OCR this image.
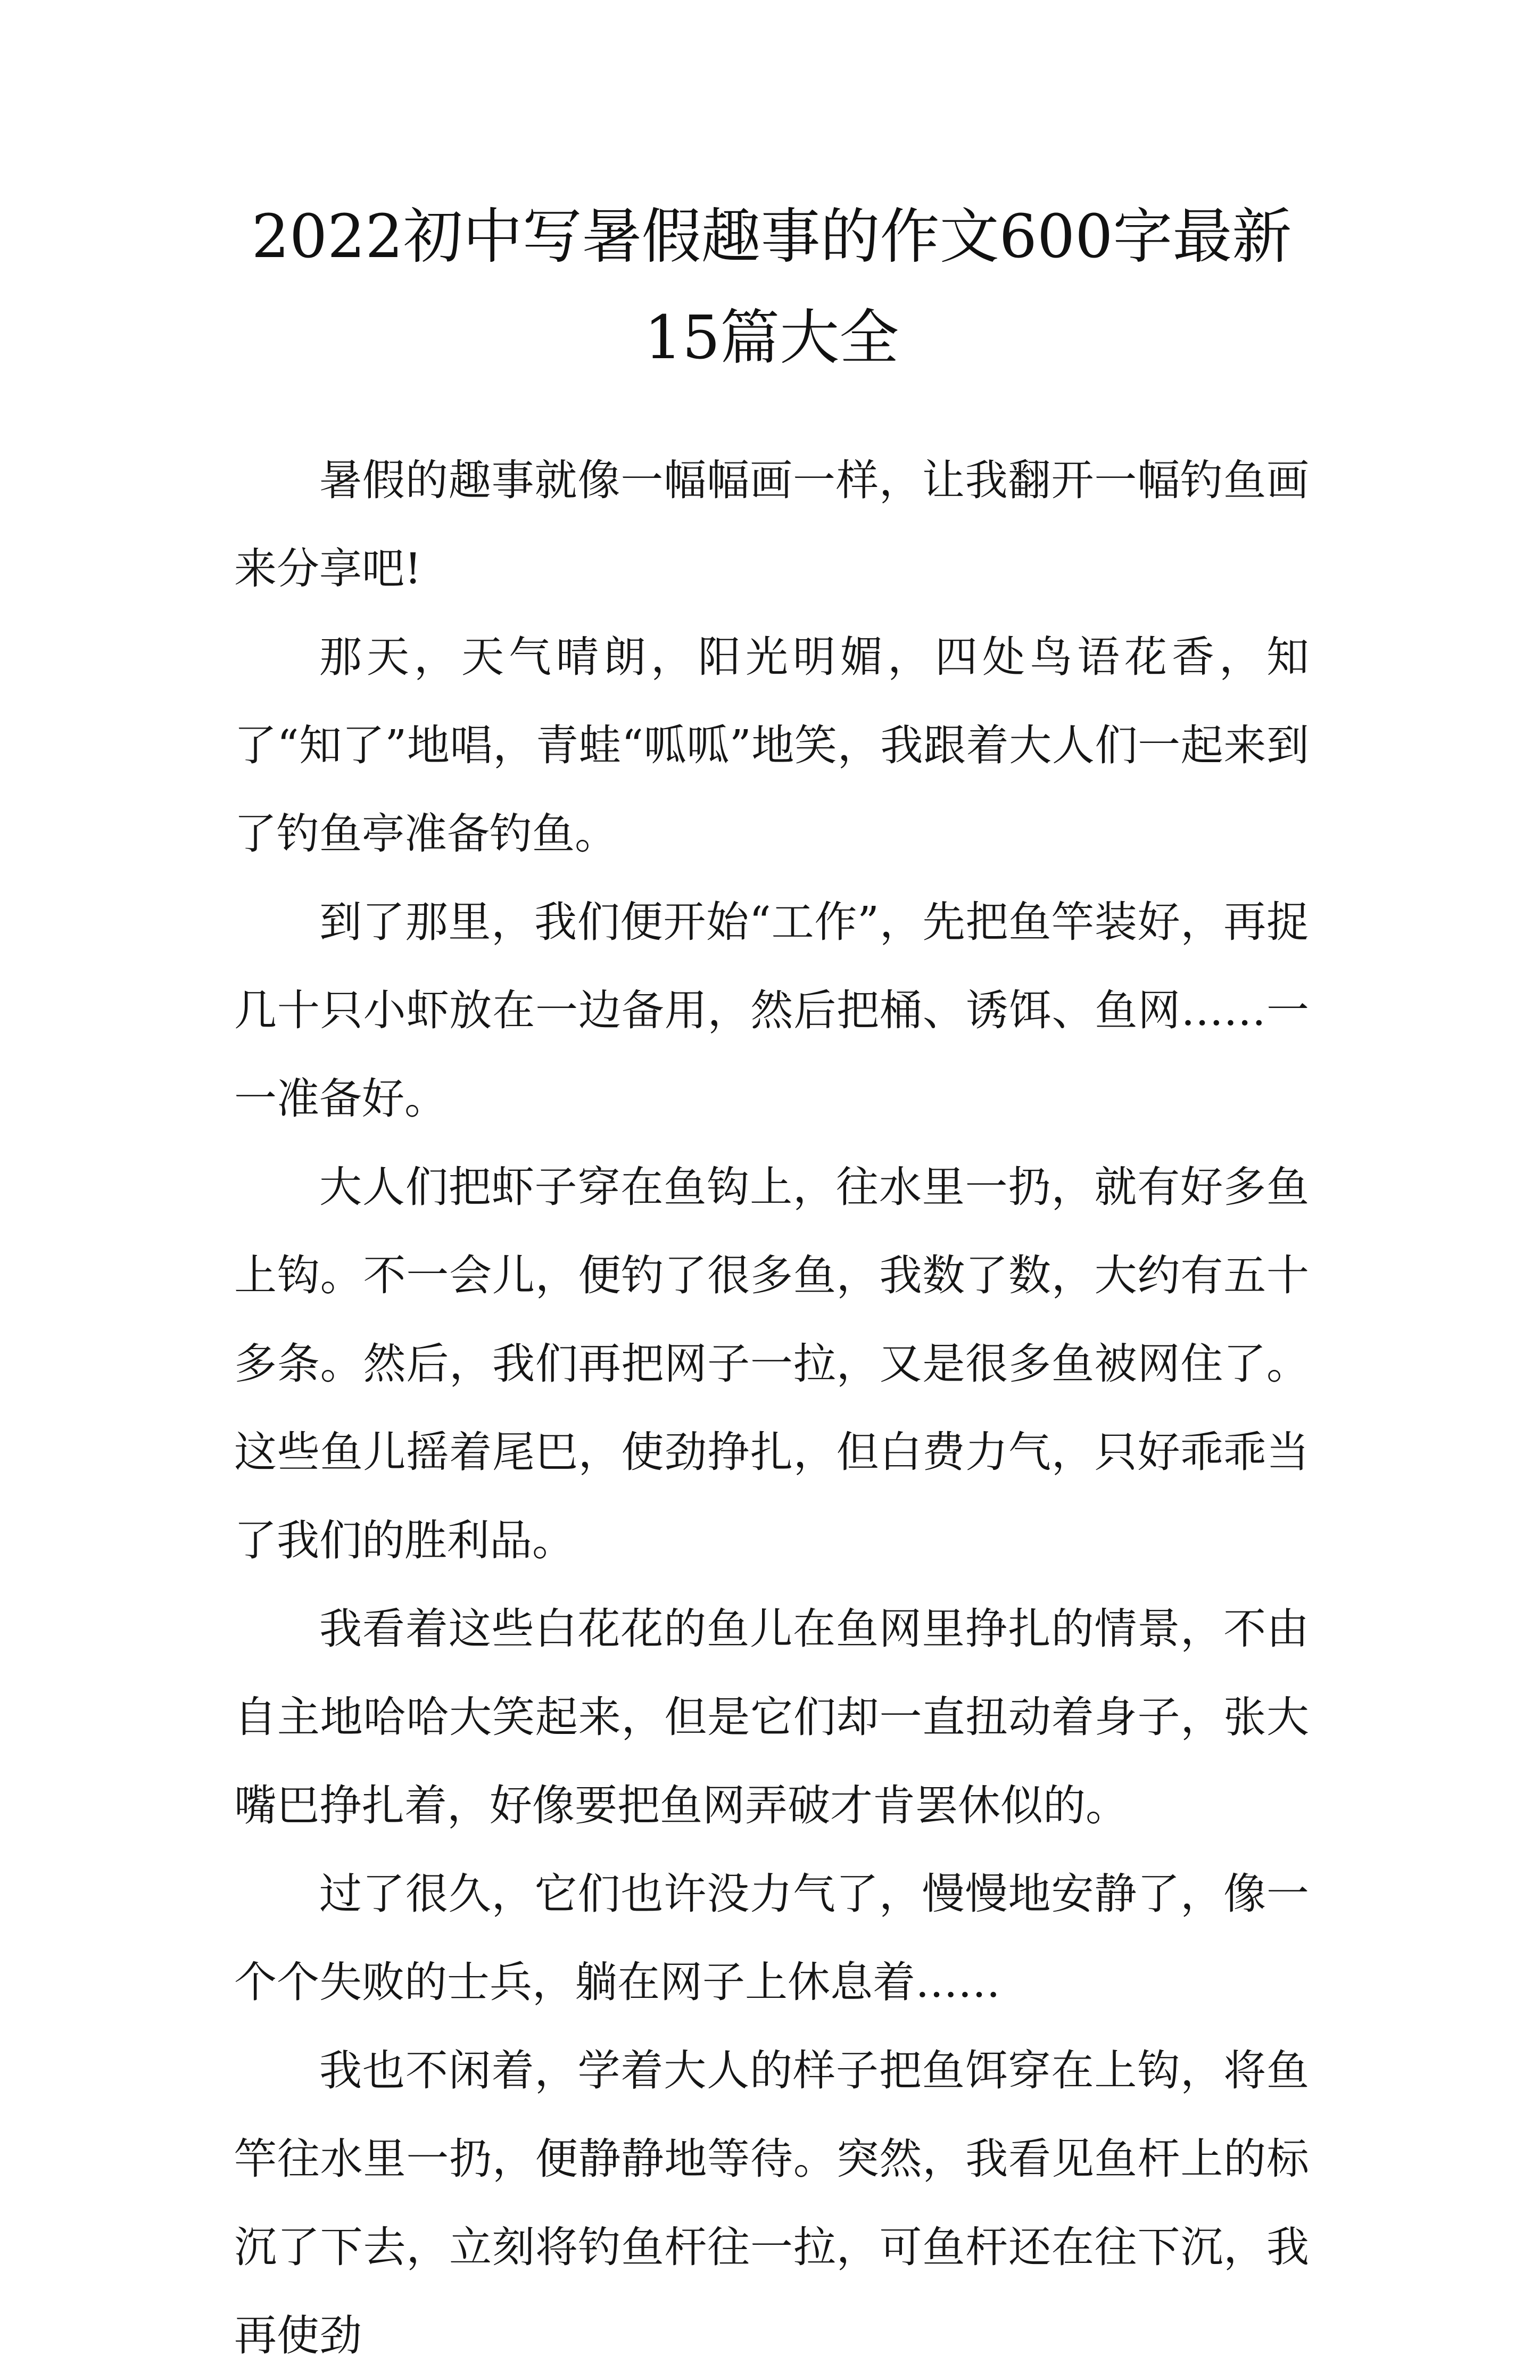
2022初中写暑假趣事的作文600字最新15篇大全

暑假的趣事就像一幅幅画一样，让我翻开一幅钓鱼画来分享吧!

那天，天气晴朗，阳光明媚，四处鸟语花香，知了“知了”地唱，青蛙“呱呱”地笑，我跟着大人们一起来到了钓鱼亭准备钓鱼。

到了那里，我们便开始“工作”，先把鱼竿装好，再捉几十只小虾放在一边备用，然后把桶、诱饵、鱼网……一一准备好。

大人们把虾子穿在鱼钩上，往水里一扔，就有好多鱼上钩。不一会儿，便钓了很多鱼，我数了数，大约有五十多条。然后，我们再把网子一拉，又是很多鱼被网住了。这些鱼儿摇着尾巴，使劲挣扎，但白费力气，只好乖乖当了我们的胜利品。

我看着这些白花花的鱼儿在鱼网里挣扎的情景，不由自主地哈哈大笑起来，但是它们却一直扭动着身子，张大嘴巴挣扎着，好像要把鱼网弄破才肯罢休似的。

过了很久，它们也许没力气了，慢慢地安静了，像一个个失败的士兵，躺在网子上休息着……

我也不闲着，学着大人的样子把鱼饵穿在上钩，将鱼竿往水里一扔，便静静地等待。突然，我看见鱼杆上的标沉了下去，立刻将钓鱼杆往一拉，可鱼杆还在往下沉，我再使劲
